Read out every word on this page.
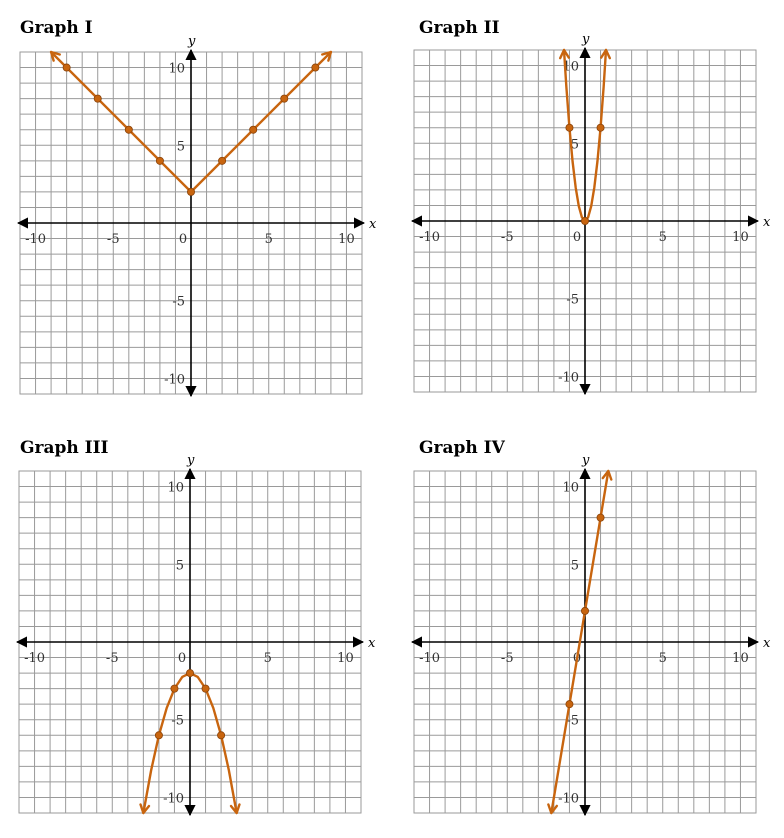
Graph I
x
y
-10	-5	0	5	10
10
5
-5
-10
Graph II
x
y
-10	-5	0	5	10
10
5
-5
-10
Graph III
x
y
-10	-5	0	5	10
10
5
-5
-10
Graph IV
x
y
-10	-5	0	5	10
10
5
-5
-10
